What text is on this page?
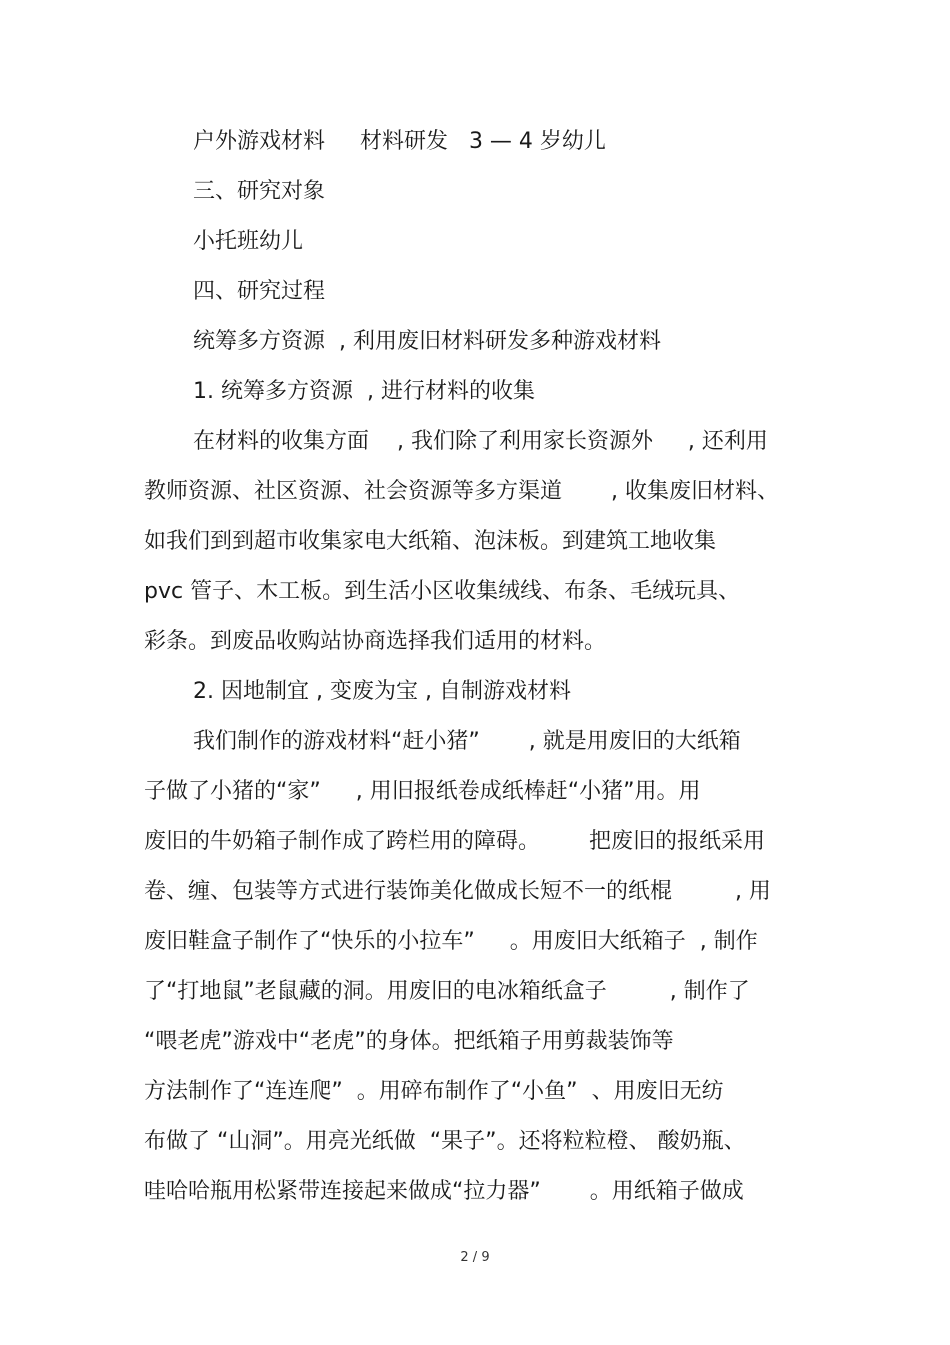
户外游戏材料     材料研发   3 — 4 岁幼儿
三、研究对象
小托班幼儿
四、研究过程
统筹多方资源  , 利用废旧材料研发多种游戏材料
1. 统筹多方资源  , 进行材料的收集
在材料的收集方面    , 我们除了利用家长资源外     , 还利用
教师资源、社区资源、社会资源等多方渠道       , 收集废旧材料、
如我们到到超市收集家电大纸箱、泡沫板。到建筑工地收集
pvc 管子、木工板。到生活小区收集绒线、布条、毛绒玩具、
彩条。到废品收购站协商选择我们适用的材料。
2. 因地制宜 , 变废为宝 , 自制游戏材料
我们制作的游戏材料“赶小猪”       , 就是用废旧的大纸箱
子做了小猪的“家”     , 用旧报纸卷成纸棒赶“小猪”用。用
废旧的牛奶箱子制作成了跨栏用的障碍。       把废旧的报纸采用
卷、缠、包装等方式进行装饰美化做成长短不一的纸棍         , 用
废旧鞋盒子制作了“快乐的小拉车”     。用废旧大纸箱子  , 制作
了“打地鼠”老鼠藏的洞。用废旧的电冰箱纸盒子         , 制作了
“喂老虎”游戏中“老虎”的身体。把纸箱子用剪裁装饰等
方法制作了“连连爬”  。用碎布制作了“小鱼”  、用废旧无纺
布做了 “山洞”。用亮光纸做  “果子”。还将粒粒橙、 酸奶瓶、
哇哈哈瓶用松紧带连接起来做成“拉力器”       。用纸箱子做成
2 / 9
